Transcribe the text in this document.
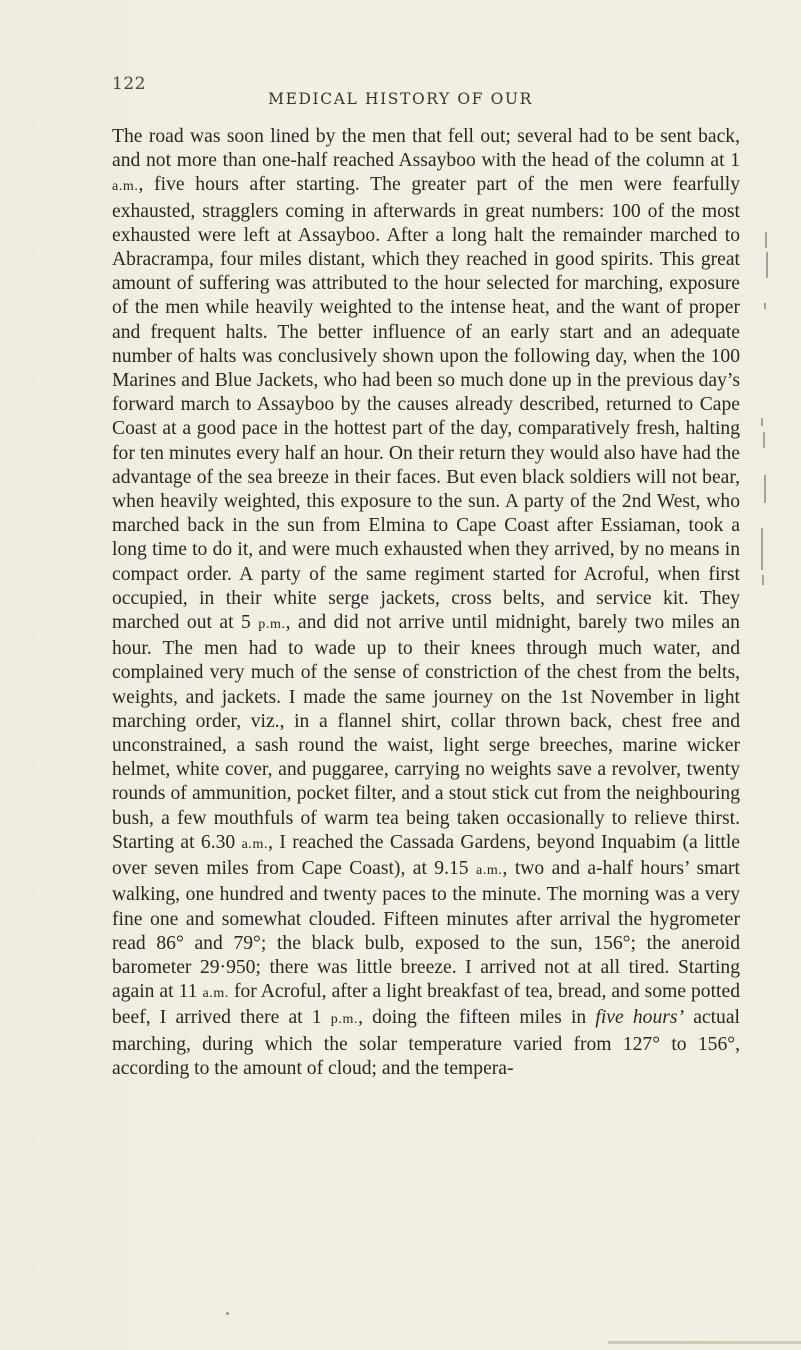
122
MEDICAL HISTORY OF OUR
The road was soon lined by the men that fell out; several had to be sent back, and not more than one-half reached Assayboo with the head of the column at 1 a.m., five hours after starting. The greater part of the men were fearfully exhausted, stragglers coming in afterwards in great numbers: 100 of the most exhausted were left at Assayboo. After a long halt the remainder marched to Abracrampa, four miles distant, which they reached in good spirits. This great amount of suffering was attributed to the hour selected for marching, exposure of the men while heavily weighted to the intense heat, and the want of proper and frequent halts. The better influence of an early start and an adequate number of halts was conclusively shown upon the following day, when the 100 Marines and Blue Jackets, who had been so much done up in the previous day’s forward march to Assayboo by the causes already described, returned to Cape Coast at a good pace in the hottest part of the day, comparatively fresh, halting for ten minutes every half an hour. On their return they would also have had the advantage of the sea breeze in their faces. But even black soldiers will not bear, when heavily weighted, this exposure to the sun. A party of the 2nd West, who marched back in the sun from Elmina to Cape Coast after Essiaman, took a long time to do it, and were much exhausted when they arrived, by no means in compact order. A party of the same regiment started for Acroful, when first occupied, in their white serge jackets, cross belts, and service kit. They marched out at 5 p.m., and did not arrive until midnight, barely two miles an hour. The men had to wade up to their knees through much water, and complained very much of the sense of constriction of the chest from the belts, weights, and jackets. I made the same journey on the 1st November in light marching order, viz., in a flannel shirt, collar thrown back, chest free and unconstrained, a sash round the waist, light serge breeches, marine wicker helmet, white cover, and puggaree, carrying no weights save a revolver, twenty rounds of ammunition, pocket filter, and a stout stick cut from the neighbouring bush, a few mouthfuls of warm tea being taken occasionally to relieve thirst. Starting at 6.30 a.m., I reached the Cassada Gardens, beyond Inquabim (a little over seven miles from Cape Coast), at 9.15 a.m., two and a-half hours’ smart walking, one hundred and twenty paces to the minute. The morning was a very fine one and somewhat clouded. Fifteen minutes after arrival the hygrometer read 86° and 79°; the black bulb, exposed to the sun, 156°; the aneroid barometer 29·950; there was little breeze. I arrived not at all tired. Starting again at 11 a.m. for Acroful, after a light breakfast of tea, bread, and some potted beef, I arrived there at 1 p.m., doing the fifteen miles in five hours’ actual marching, during which the solar temperature varied from 127° to 156°, according to the amount of cloud; and the tempera-
